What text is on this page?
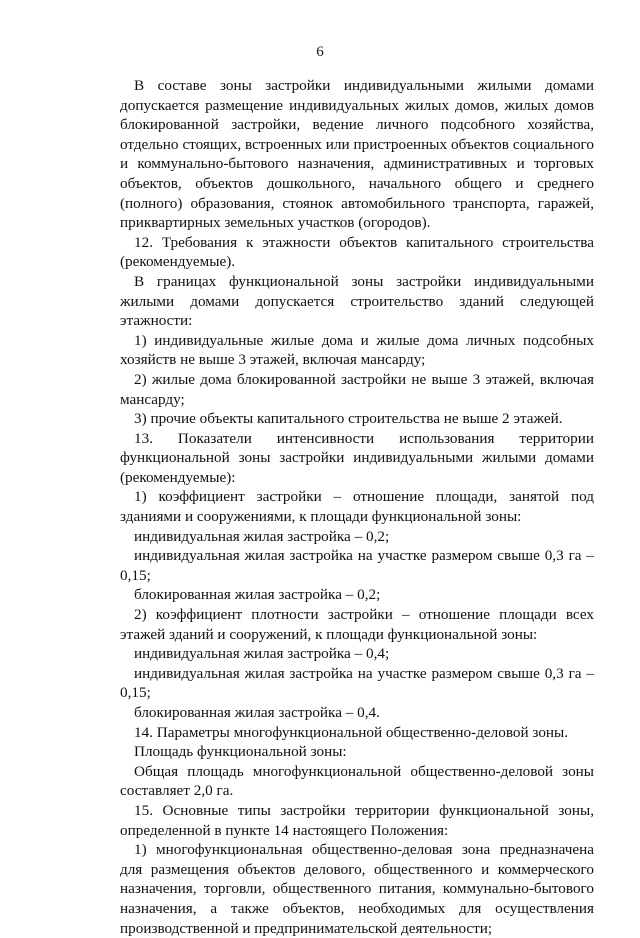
6

В составе зоны застройки индивидуальными жилыми домами допускается размещение индивидуальных жилых домов, жилых домов блокированной застройки, ведение личного подсобного хозяйства, отдельно стоящих, встроенных или пристроенных объектов социального и коммунально-бытового назначения, административных и торговых объектов, объектов дошкольного, начального общего и среднего (полного) образования, стоянок автомобильного транспорта, гаражей, приквартирных земельных участков (огородов).

12. Требования к этажности объектов капитального строительства (рекомендуемые).

В границах функциональной зоны застройки индивидуальными жилыми домами допускается строительство зданий следующей этажности:

1) индивидуальные жилые дома и жилые дома личных подсобных хозяйств не выше 3 этажей, включая мансарду;

2) жилые дома блокированной застройки не выше 3 этажей, включая мансарду;

3) прочие объекты капитального строительства не выше 2 этажей.

13. Показатели интенсивности использования территории функциональной зоны застройки индивидуальными жилыми домами (рекомендуемые):

1) коэффициент застройки – отношение площади, занятой под зданиями и сооружениями, к площади функциональной зоны:

индивидуальная жилая застройка – 0,2;

индивидуальная жилая застройка на участке размером свыше 0,3 га – 0,15;

блокированная жилая застройка – 0,2;

2) коэффициент плотности застройки – отношение площади всех этажей зданий и сооружений, к площади функциональной зоны:

индивидуальная жилая застройка – 0,4;

индивидуальная жилая застройка на участке размером свыше 0,3 га – 0,15;

блокированная жилая застройка – 0,4.

14. Параметры многофункциональной общественно-деловой зоны.

Площадь функциональной зоны:

Общая площадь многофункциональной общественно-деловой зоны составляет 2,0 га.

15. Основные типы застройки территории функциональной зоны, определенной в пункте 14 настоящего Положения:

1) многофункциональная общественно-деловая зона предназначена для размещения объектов делового, общественного и коммерческого назначения, торговли, общественного питания, коммунально-бытового назначения, а также объектов, необходимых для осуществления производственной и предпринимательской деятельности;
